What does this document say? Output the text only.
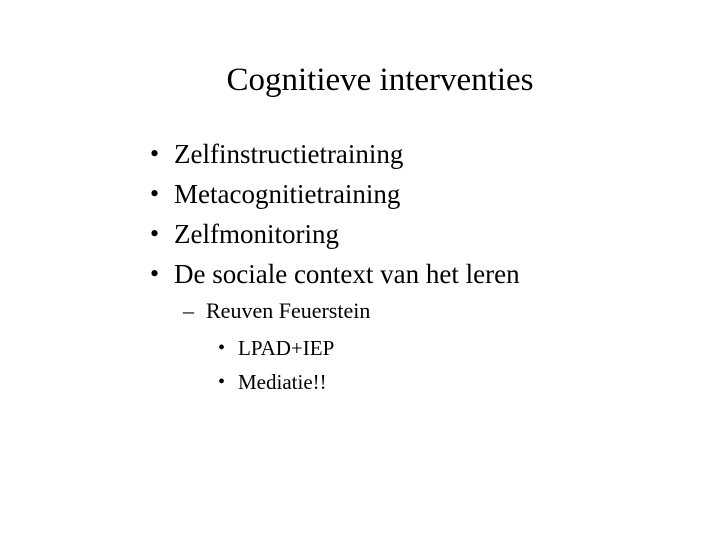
Cognitieve interventies
• Zelfinstructietraining
• Metacognitietraining
• Zelfmonitoring
• De sociale context van het leren
– Reuven Feuerstein
• LPAD+IEP
• Mediatie!!
